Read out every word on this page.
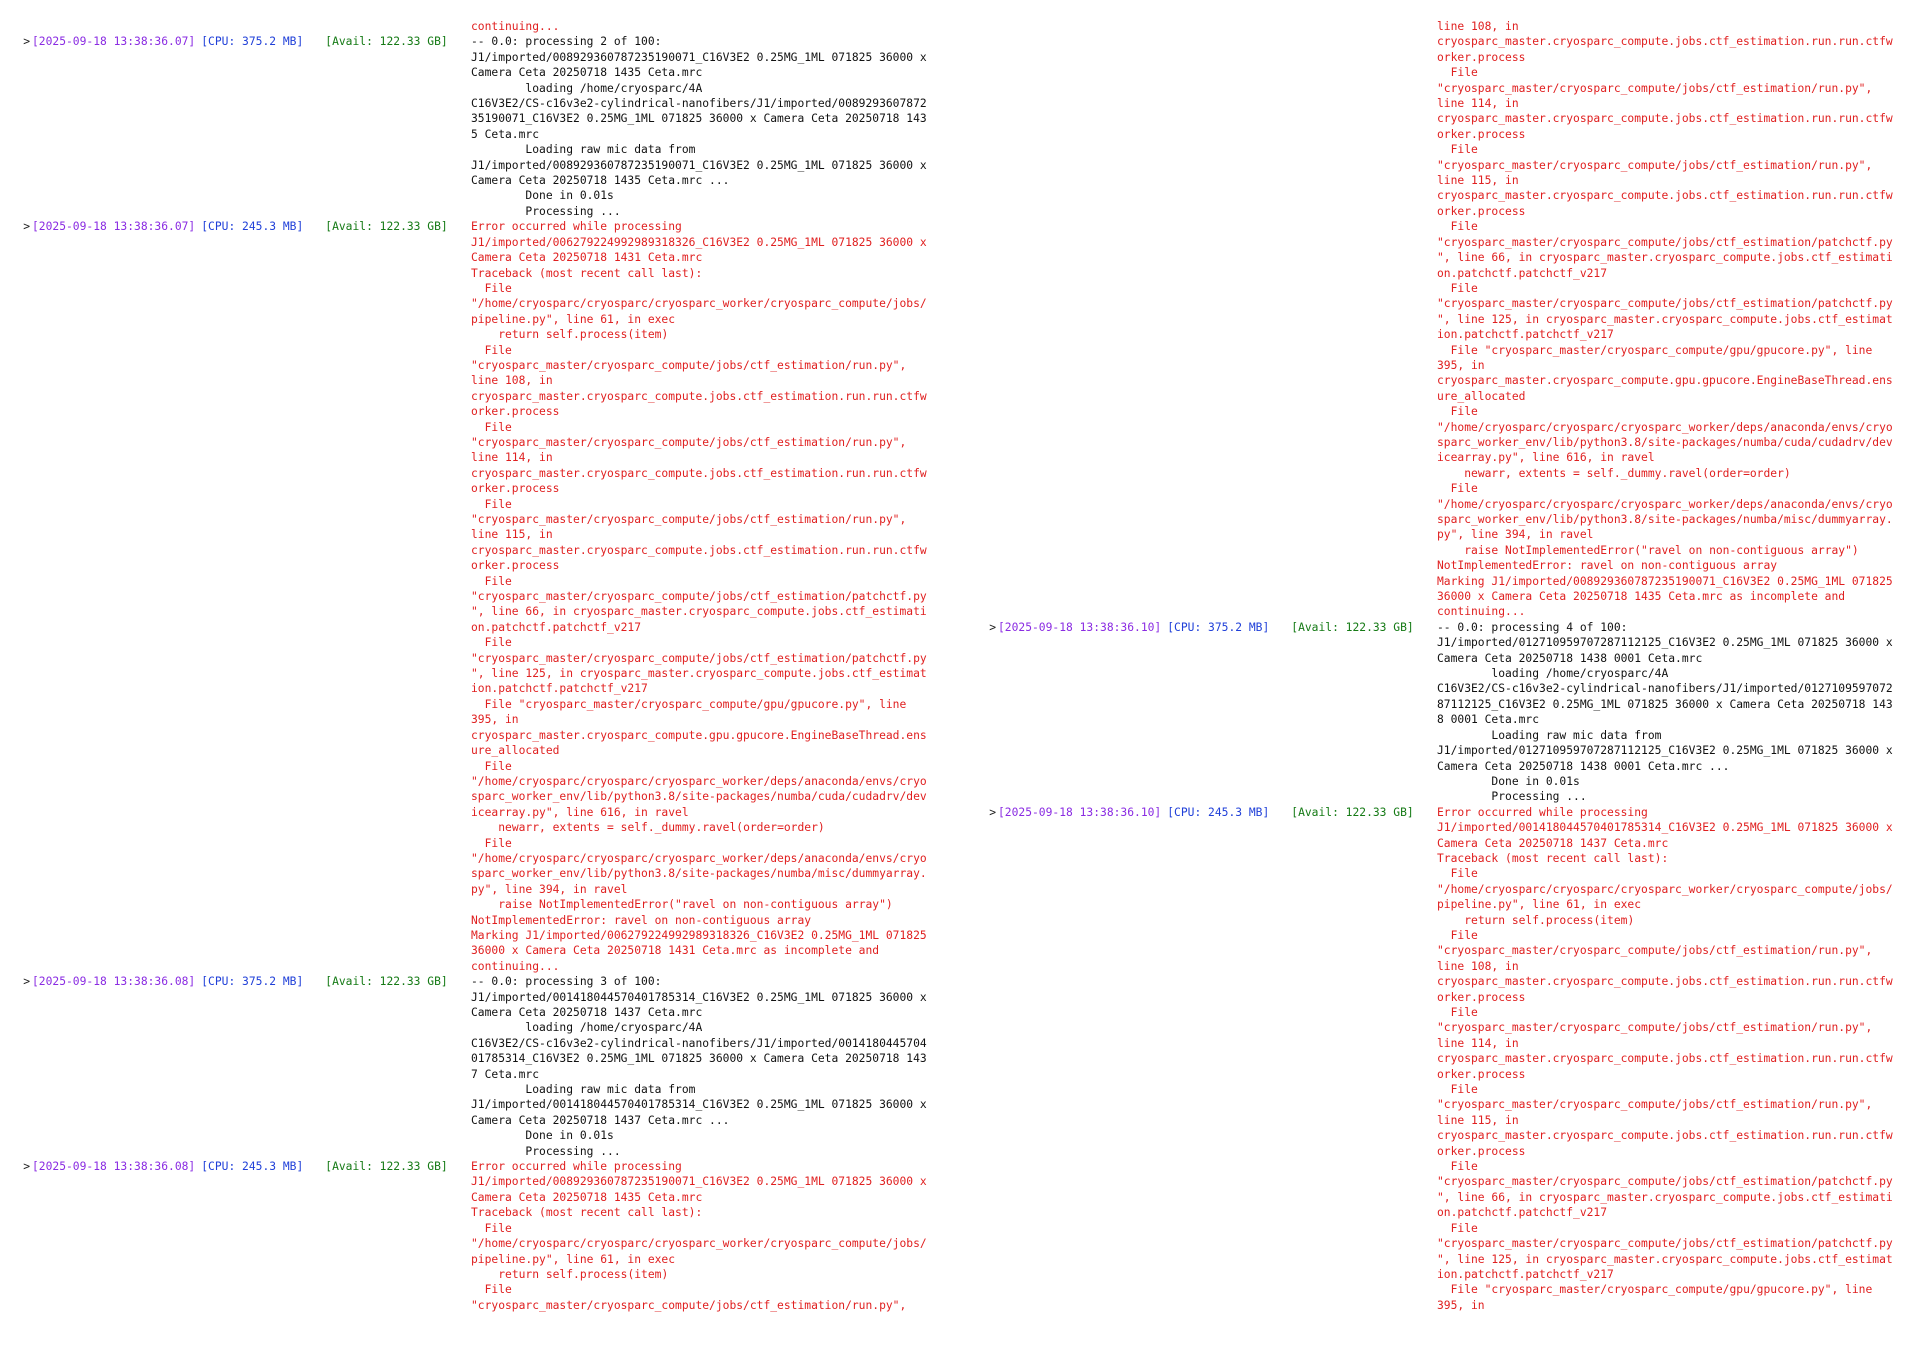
continuing...
> [2025-09-18 13:38:36.07] [CPU: 375.2 MB] [Avail: 122.33 GB] -- 0.0: processing 2 of 100:
J1/imported/008929360787235190071_C16V3E2 0.25MG_1ML 071825 36000 x
Camera Ceta 20250718 1435 Ceta.mrc
loading /home/cryosparc/4A
C16V3E2/CS-c16v3e2-cylindrical-nanofibers/J1/imported/0089293607872
35190071_C16V3E2 0.25MG_1ML 071825 36000 x Camera Ceta 20250718 143
5 Ceta.mrc
Loading raw mic data from
J1/imported/008929360787235190071_C16V3E2 0.25MG_1ML 071825 36000 x
Camera Ceta 20250718 1435 Ceta.mrc ...
Done in 0.01s
Processing ...
> [2025-09-18 13:38:36.07] [CPU: 245.3 MB] [Avail: 122.33 GB] Error occurred while processing
J1/imported/006279224992989318326_C16V3E2 0.25MG_1ML 071825 36000 x
Camera Ceta 20250718 1431 Ceta.mrc
Traceback (most recent call last):
File
"/home/cryosparc/cryosparc/cryosparc_worker/cryosparc_compute/jobs/
pipeline.py", line 61, in exec
return self.process(item)
File
"cryosparc_master/cryosparc_compute/jobs/ctf_estimation/run.py",
line 108, in
cryosparc_master.cryosparc_compute.jobs.ctf_estimation.run.run.ctfw
orker.process
File
"cryosparc_master/cryosparc_compute/jobs/ctf_estimation/run.py",
line 114, in
cryosparc_master.cryosparc_compute.jobs.ctf_estimation.run.run.ctfw
orker.process
File
"cryosparc_master/cryosparc_compute/jobs/ctf_estimation/run.py",
line 115, in
cryosparc_master.cryosparc_compute.jobs.ctf_estimation.run.run.ctfw
orker.process
File
"cryosparc_master/cryosparc_compute/jobs/ctf_estimation/patchctf.py
", line 66, in cryosparc_master.cryosparc_compute.jobs.ctf_estimati
on.patchctf.patchctf_v217
File
"cryosparc_master/cryosparc_compute/jobs/ctf_estimation/patchctf.py
", line 125, in cryosparc_master.cryosparc_compute.jobs.ctf_estimat
ion.patchctf.patchctf_v217
File "cryosparc_master/cryosparc_compute/gpu/gpucore.py", line
395, in
cryosparc_master.cryosparc_compute.gpu.gpucore.EngineBaseThread.ens
ure_allocated
File
"/home/cryosparc/cryosparc/cryosparc_worker/deps/anaconda/envs/cryo
sparc_worker_env/lib/python3.8/site-packages/numba/cuda/cudadrv/dev
icearray.py", line 616, in ravel
newarr, extents = self._dummy.ravel(order=order)
File
"/home/cryosparc/cryosparc/cryosparc_worker/deps/anaconda/envs/cryo
sparc_worker_env/lib/python3.8/site-packages/numba/misc/dummyarray.
py", line 394, in ravel
raise NotImplementedError("ravel on non-contiguous array")
NotImplementedError: ravel on non-contiguous array
Marking J1/imported/006279224992989318326_C16V3E2 0.25MG_1ML 071825
36000 x Camera Ceta 20250718 1431 Ceta.mrc as incomplete and
continuing...
> [2025-09-18 13:38:36.08] [CPU: 375.2 MB] [Avail: 122.33 GB] -- 0.0: processing 3 of 100:
J1/imported/001418044570401785314_C16V3E2 0.25MG_1ML 071825 36000 x
Camera Ceta 20250718 1437 Ceta.mrc
loading /home/cryosparc/4A
C16V3E2/CS-c16v3e2-cylindrical-nanofibers/J1/imported/0014180445704
01785314_C16V3E2 0.25MG_1ML 071825 36000 x Camera Ceta 20250718 143
7 Ceta.mrc
Loading raw mic data from
J1/imported/001418044570401785314_C16V3E2 0.25MG_1ML 071825 36000 x
Camera Ceta 20250718 1437 Ceta.mrc ...
Done in 0.01s
Processing ...
> [2025-09-18 13:38:36.08] [CPU: 245.3 MB] [Avail: 122.33 GB] Error occurred while processing
J1/imported/008929360787235190071_C16V3E2 0.25MG_1ML 071825 36000 x
Camera Ceta 20250718 1435 Ceta.mrc
Traceback (most recent call last):
File
"/home/cryosparc/cryosparc/cryosparc_worker/cryosparc_compute/jobs/
pipeline.py", line 61, in exec
return self.process(item)
File
"cryosparc_master/cryosparc_compute/jobs/ctf_estimation/run.py",
line 108, in
cryosparc_master.cryosparc_compute.jobs.ctf_estimation.run.run.ctfw
orker.process
File
"cryosparc_master/cryosparc_compute/jobs/ctf_estimation/run.py",
line 114, in
cryosparc_master.cryosparc_compute.jobs.ctf_estimation.run.run.ctfw
orker.process
File
"cryosparc_master/cryosparc_compute/jobs/ctf_estimation/run.py",
line 115, in
cryosparc_master.cryosparc_compute.jobs.ctf_estimation.run.run.ctfw
orker.process
File
"cryosparc_master/cryosparc_compute/jobs/ctf_estimation/patchctf.py
", line 66, in cryosparc_master.cryosparc_compute.jobs.ctf_estimati
on.patchctf.patchctf_v217
File
"cryosparc_master/cryosparc_compute/jobs/ctf_estimation/patchctf.py
", line 125, in cryosparc_master.cryosparc_compute.jobs.ctf_estimat
ion.patchctf.patchctf_v217
File "cryosparc_master/cryosparc_compute/gpu/gpucore.py", line
395, in
cryosparc_master.cryosparc_compute.gpu.gpucore.EngineBaseThread.ens
ure_allocated
File
"/home/cryosparc/cryosparc/cryosparc_worker/deps/anaconda/envs/cryo
sparc_worker_env/lib/python3.8/site-packages/numba/cuda/cudadrv/dev
icearray.py", line 616, in ravel
newarr, extents = self._dummy.ravel(order=order)
File
"/home/cryosparc/cryosparc/cryosparc_worker/deps/anaconda/envs/cryo
sparc_worker_env/lib/python3.8/site-packages/numba/misc/dummyarray.
py", line 394, in ravel
raise NotImplementedError("ravel on non-contiguous array")
NotImplementedError: ravel on non-contiguous array
Marking J1/imported/008929360787235190071_C16V3E2 0.25MG_1ML 071825
36000 x Camera Ceta 20250718 1435 Ceta.mrc as incomplete and
continuing...
> [2025-09-18 13:38:36.10] [CPU: 375.2 MB] [Avail: 122.33 GB] -- 0.0: processing 4 of 100:
J1/imported/012710959707287112125_C16V3E2 0.25MG_1ML 071825 36000 x
Camera Ceta 20250718 1438 0001 Ceta.mrc
loading /home/cryosparc/4A
C16V3E2/CS-c16v3e2-cylindrical-nanofibers/J1/imported/0127109597072
87112125_C16V3E2 0.25MG_1ML 071825 36000 x Camera Ceta 20250718 143
8 0001 Ceta.mrc
Loading raw mic data from
J1/imported/012710959707287112125_C16V3E2 0.25MG_1ML 071825 36000 x
Camera Ceta 20250718 1438 0001 Ceta.mrc ...
Done in 0.01s
Processing ...
> [2025-09-18 13:38:36.10] [CPU: 245.3 MB] [Avail: 122.33 GB] Error occurred while processing
J1/imported/001418044570401785314_C16V3E2 0.25MG_1ML 071825 36000 x
Camera Ceta 20250718 1437 Ceta.mrc
Traceback (most recent call last):
File
"/home/cryosparc/cryosparc/cryosparc_worker/cryosparc_compute/jobs/
pipeline.py", line 61, in exec
return self.process(item)
File
"cryosparc_master/cryosparc_compute/jobs/ctf_estimation/run.py",
line 108, in
cryosparc_master.cryosparc_compute.jobs.ctf_estimation.run.run.ctfw
orker.process
File
"cryosparc_master/cryosparc_compute/jobs/ctf_estimation/run.py",
line 114, in
cryosparc_master.cryosparc_compute.jobs.ctf_estimation.run.run.ctfw
orker.process
File
"cryosparc_master/cryosparc_compute/jobs/ctf_estimation/run.py",
line 115, in
cryosparc_master.cryosparc_compute.jobs.ctf_estimation.run.run.ctfw
orker.process
File
"cryosparc_master/cryosparc_compute/jobs/ctf_estimation/patchctf.py
", line 66, in cryosparc_master.cryosparc_compute.jobs.ctf_estimati
on.patchctf.patchctf_v217
File
"cryosparc_master/cryosparc_compute/jobs/ctf_estimation/patchctf.py
", line 125, in cryosparc_master.cryosparc_compute.jobs.ctf_estimat
ion.patchctf.patchctf_v217
File "cryosparc_master/cryosparc_compute/gpu/gpucore.py", line
395, in
